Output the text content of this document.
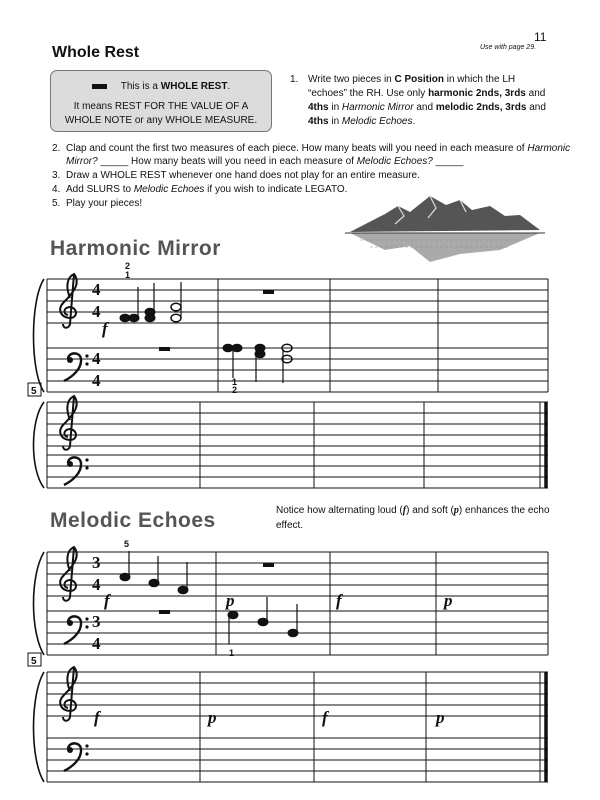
11
Use with page 29.
Whole Rest
This is a WHOLE REST.
It means REST FOR THE VALUE OF A
WHOLE NOTE or any WHOLE MEASURE.
1. Write two pieces in C Position in which the LH “echoes” the RH. Use only harmonic 2nds, 3rds and 4ths in Harmonic Mirror and melodic 2nds, 3rds and 4ths in Melodic Echoes.
2. Clap and count the first two measures of each piece. How many beats will you need in each measure of Harmonic Mirror? _____ How many beats will you need in each measure of Melodic Echoes? _____
3. Draw a WHOLE REST whenever one hand does not play for an entire measure.
4. Add SLURS to Melodic Echoes if you wish to indicate LEGATO.
5. Play your pieces!
Harmonic Mirror
Melodic Echoes	Notice how alternating loud (f) and soft (p) enhances the echo effect.
4
4
4
4
2
1
1
2
f
5
3
4
3
4
5
1
f	p	f	p
5
f	p	f	p
